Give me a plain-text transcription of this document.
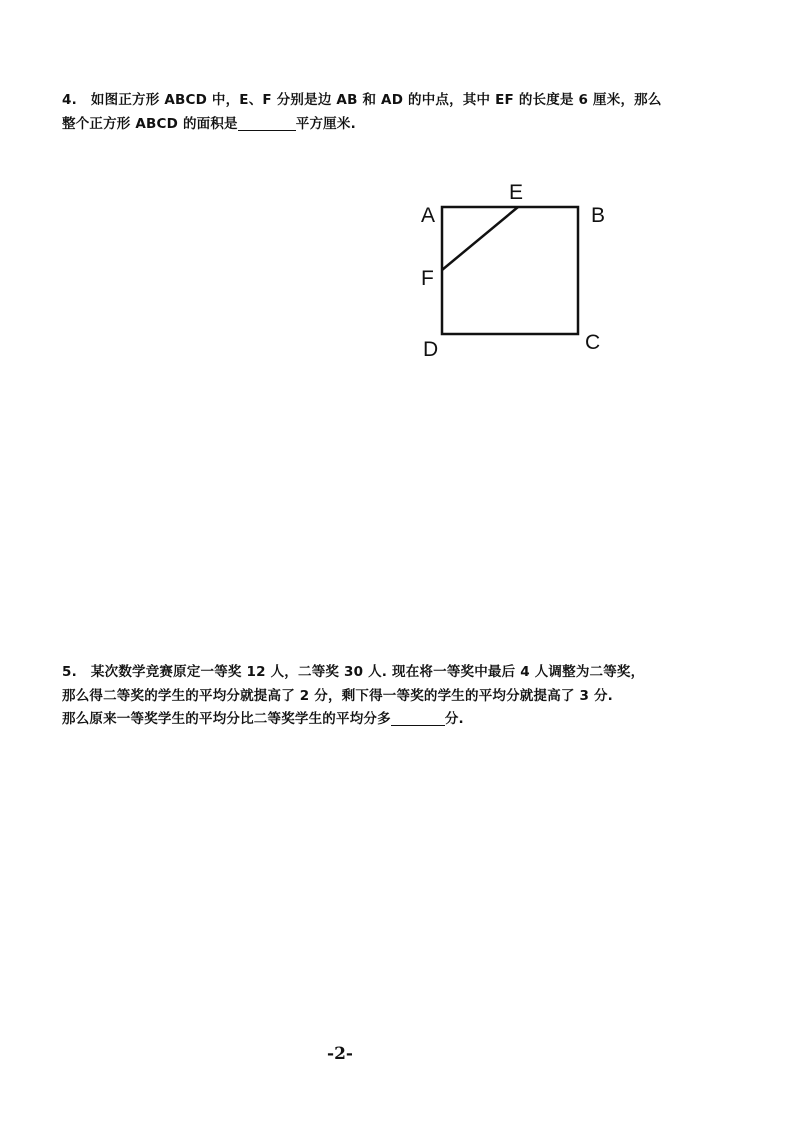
4. 如图正方形 ABCD 中，E、F 分别是边 AB 和 AD 的中点，其中 EF 的长度是 6 厘米，那么
整个正方形 ABCD 的面积是	平方厘米.
A	B
C
D
E
F
5. 某次数学竞赛原定一等奖 12 人，二等奖 30 人. 现在将一等奖中最后 4 人调整为二等奖，
那么得二等奖的学生的平均分就提高了 2 分，剩下得一等奖的学生的平均分就提高了 3 分.
那么原来一等奖学生的平均分比二等奖学生的平均分多	分.
-2-
